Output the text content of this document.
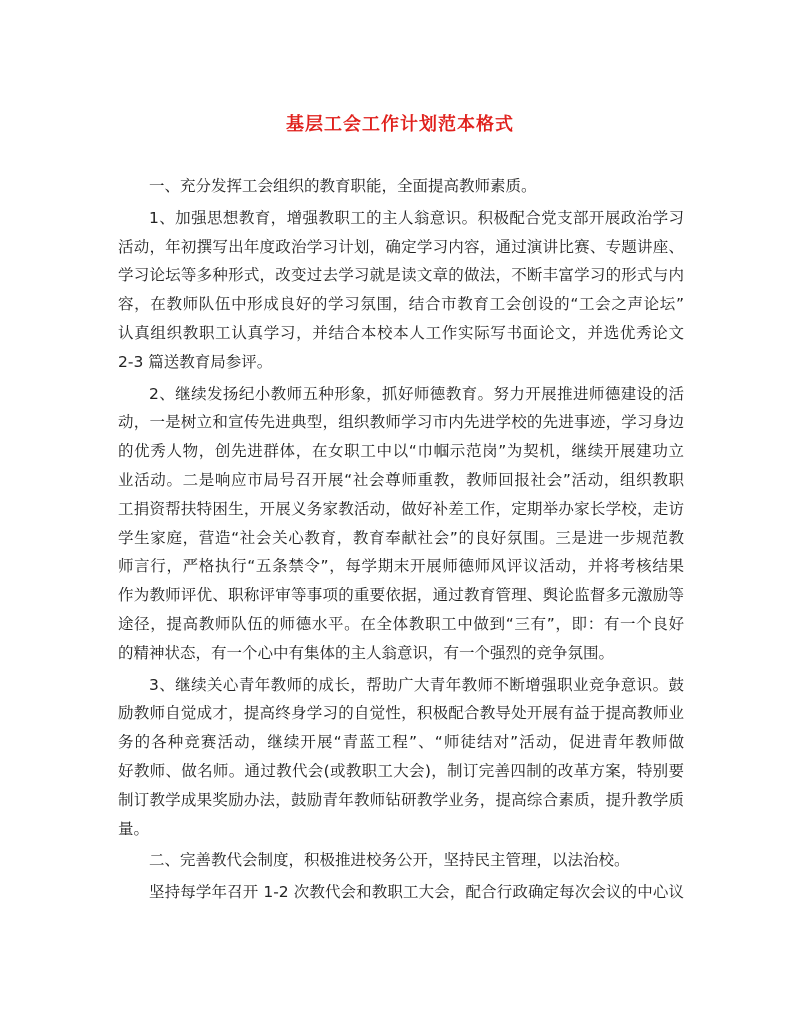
基层工会工作计划范本格式
一、充分发挥工会组织的教育职能，全面提高教师素质。
1、加强思想教育，增强教职工的主人翁意识。积极配合党支部开展政治学习
活动，年初撰写出年度政治学习计划，确定学习内容，通过演讲比赛、专题讲座、
学习论坛等多种形式，改变过去学习就是读文章的做法，不断丰富学习的形式与内
容，在教师队伍中形成良好的学习氛围，结合市教育工会创设的“工会之声论坛”
认真组织教职工认真学习，并结合本校本人工作实际写书面论文，并选优秀论文
2-3 篇送教育局参评。
2、继续发扬纪小教师五种形象，抓好师德教育。努力开展推进师德建设的活
动，一是树立和宣传先进典型，组织教师学习市内先进学校的先进事迹，学习身边
的优秀人物，创先进群体，在女职工中以“巾帼示范岗”为契机，继续开展建功立
业活动。二是响应市局号召开展“社会尊师重教，教师回报社会”活动，组织教职
工捐资帮扶特困生，开展义务家教活动，做好补差工作，定期举办家长学校，走访
学生家庭，营造“社会关心教育，教育奉献社会”的良好氛围。三是进一步规范教
师言行，严格执行“五条禁令”，每学期末开展师德师风评议活动，并将考核结果
作为教师评优、职称评审等事项的重要依据，通过教育管理、舆论监督多元激励等
途径，提高教师队伍的师德水平。在全体教职工中做到“三有”，即：有一个良好
的精神状态，有一个心中有集体的主人翁意识，有一个强烈的竞争氛围。
3、继续关心青年教师的成长，帮助广大青年教师不断增强职业竞争意识。鼓
励教师自觉成才，提高终身学习的自觉性，积极配合教导处开展有益于提高教师业
务的各种竞赛活动，继续开展“青蓝工程”、“师徒结对”活动，促进青年教师做
好教师、做名师。通过教代会(或教职工大会)，制订完善四制的改革方案，特别要
制订教学成果奖励办法，鼓励青年教师钻研教学业务，提高综合素质，提升教学质
量。
二、完善教代会制度，积极推进校务公开，坚持民主管理，以法治校。
坚持每学年召开 1-2 次教代会和教职工大会，配合行政确定每次会议的中心议
